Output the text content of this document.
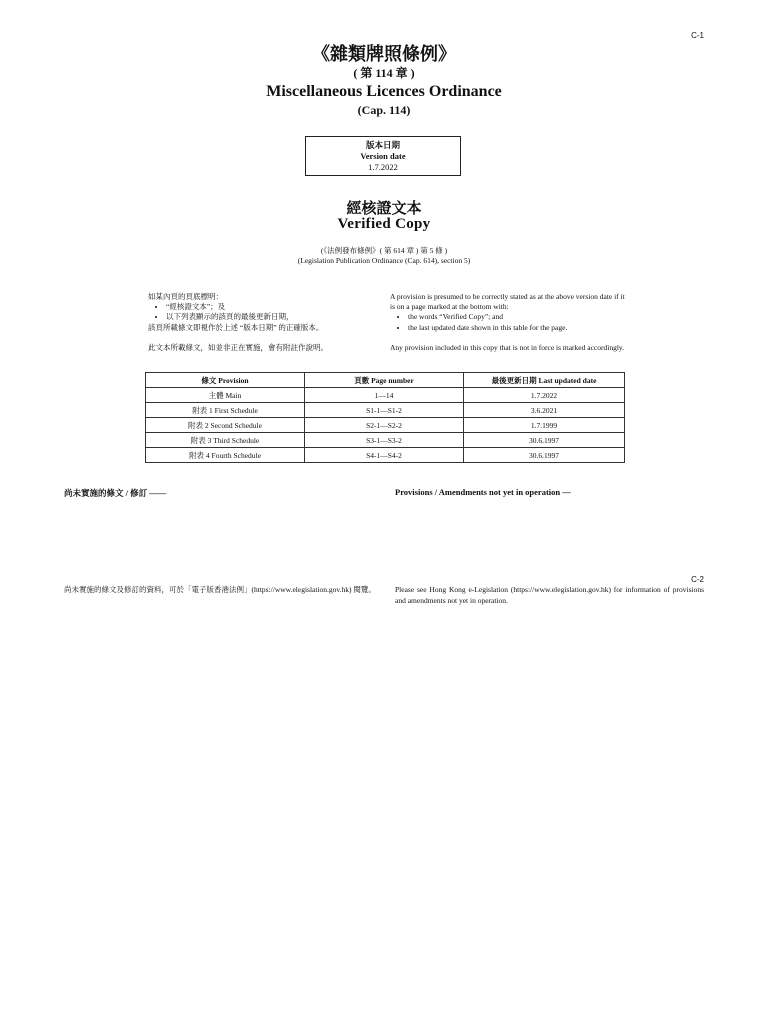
C-1
《雜類牌照條例》
( 第 114 章 )
Miscellaneous Licences Ordinance
(Cap. 114)
版本日期
Version date
1.7.2022
經核證文本
Verified Copy
(《法例發布條例》( 第 614 章 ) 第 5 條 )
(Legislation Publication Ordinance (Cap. 614), section 5)

如某內頁的頁底標明：

• “經核證文本”；及
• 以下列表顯示的該頁的最後更新日期，

該頁所載條文即視作於上述 “版本日期” 的正確版本。

此文本所載條文，如並非正在實施，會有附註作說明。

A provision is presumed to be correctly stated as at the above version date if it is on a page marked at the bottom with:

• the words “Verified Copy”; and
• the last updated date shown in this table for the page.

Any provision included in this copy that is not in force is marked accordingly.

條文 Provision	頁數 Page number	最後更新日期 Last updated date
主體 Main	1—14	1.7.2022
附表 1 First Schedule	S1-1—S1-2	3.6.2021
附表 2 Second Schedule	S2-1—S2-2	1.7.1999
附表 3 Third Schedule	S3-1—S3-2	30.6.1997
附表 4 Fourth Schedule	S4-1—S4-2	30.6.1997
尚未實施的條文 / 修訂 ——	Provisions / Amendments not yet in operation —
C-2
尚未實施的條文及修訂的資料，可於「電子版香港法例」(https://www.elegislation.gov.hk) 閱覽。	Please see Hong Kong e-Legislation (https://www.elegislation.gov.hk) for information of provisions and amendments not yet in operation.
